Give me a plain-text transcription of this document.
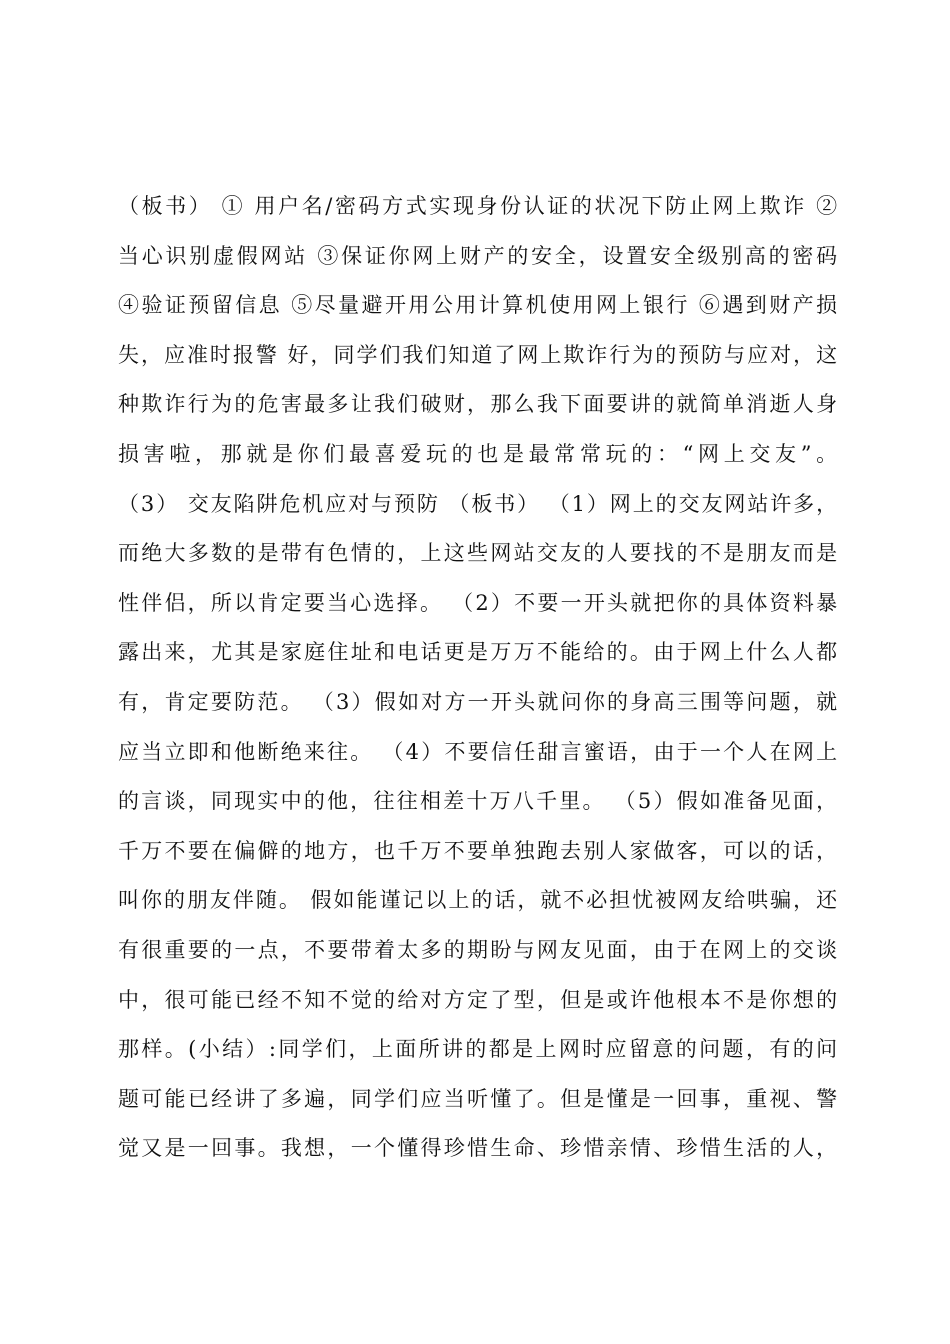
（板书） ① 用户名/密码方式实现身份认证的状况下防止网上欺诈 ②
当心识别虚假网站 ③保证你网上财产的安全，设置安全级别高的密码
④验证预留信息 ⑤尽量避开用公用计算机使用网上银行 ⑥遇到财产损
失，应准时报警 好，同学们我们知道了网上欺诈行为的预防与应对，这
种欺诈行为的危害最多让我们破财，那么我下面要讲的就简单消逝人身
损害啦，那就是你们最喜爱玩的也是最常常玩的：“网上交友”。
（3） 交友陷阱危机应对与预防 （板书） （1）网上的交友网站许多，
而绝大多数的是带有色情的，上这些网站交友的人要找的不是朋友而是
性伴侣，所以肯定要当心选择。 （2）不要一开头就把你的具体资料暴
露出来，尤其是家庭住址和电话更是万万不能给的。由于网上什么人都
有，肯定要防范。 （3）假如对方一开头就问你的身高三围等问题，就
应当立即和他断绝来往。 （4）不要信任甜言蜜语，由于一个人在网上
的言谈，同现实中的他，往往相差十万八千里。 （5）假如准备见面，
千万不要在偏僻的地方，也千万不要单独跑去别人家做客，可以的话，
叫你的朋友伴随。 假如能谨记以上的话，就不必担忧被网友给哄骗，还
有很重要的一点，不要带着太多的期盼与网友见面，由于在网上的交谈
中，很可能已经不知不觉的给对方定了型，但是或许他根本不是你想的
那样。(小结）:同学们，上面所讲的都是上网时应留意的问题，有的问
题可能已经讲了多遍，同学们应当听懂了。但是懂是一回事，重视、警
觉又是一回事。我想，一个懂得珍惜生命、珍惜亲情、珍惜生活的人，
